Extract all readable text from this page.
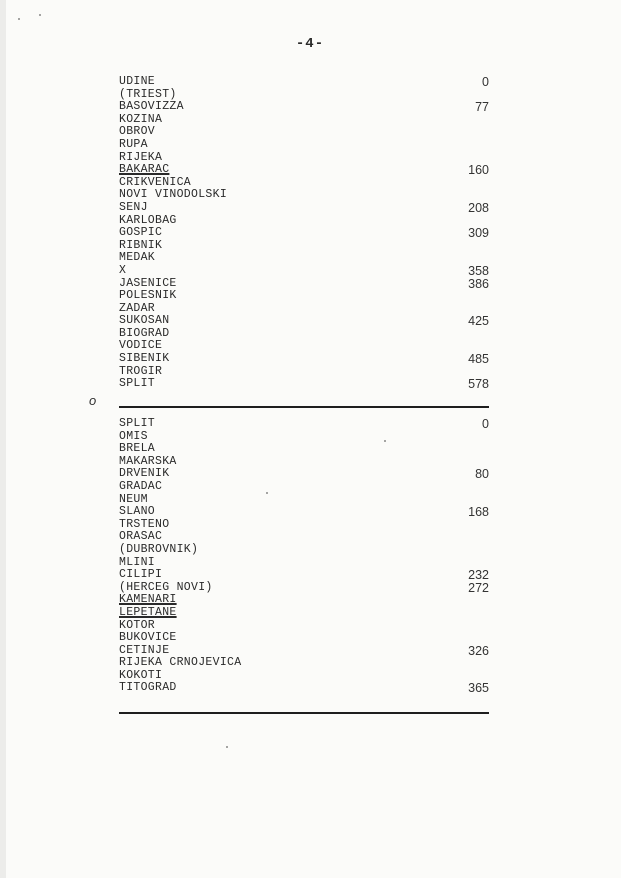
-4-
o
UDINE	0
(TRIEST)
BASOVIZZA	77
KOZINA
OBROV
RUPA
RIJEKA
BAKARAC	160
CRIKVENICA
NOVI VINODOLSKI
SENJ	208
KARLOBAG
GOSPIC	309
RIBNIK
MEDAK
X	358
JASENICE	386
POLESNIK
ZADAR
SUKOSAN	425
BIOGRAD
VODICE
SIBENIK	485
TROGIR
SPLIT	578
SPLIT	0
OMIS
BRELA
MAKARSKA
DRVENIK	80
GRADAC
NEUM
SLANO	168
TRSTENO
ORASAC
(DUBROVNIK)
MLINI
CILIPI	232
(HERCEG NOVI)	272
KAMENARI
LEPETANE
KOTOR
BUKOVICE
CETINJE	326
RIJEKA CRNOJEVICA
KOKOTI
TITOGRAD	365
